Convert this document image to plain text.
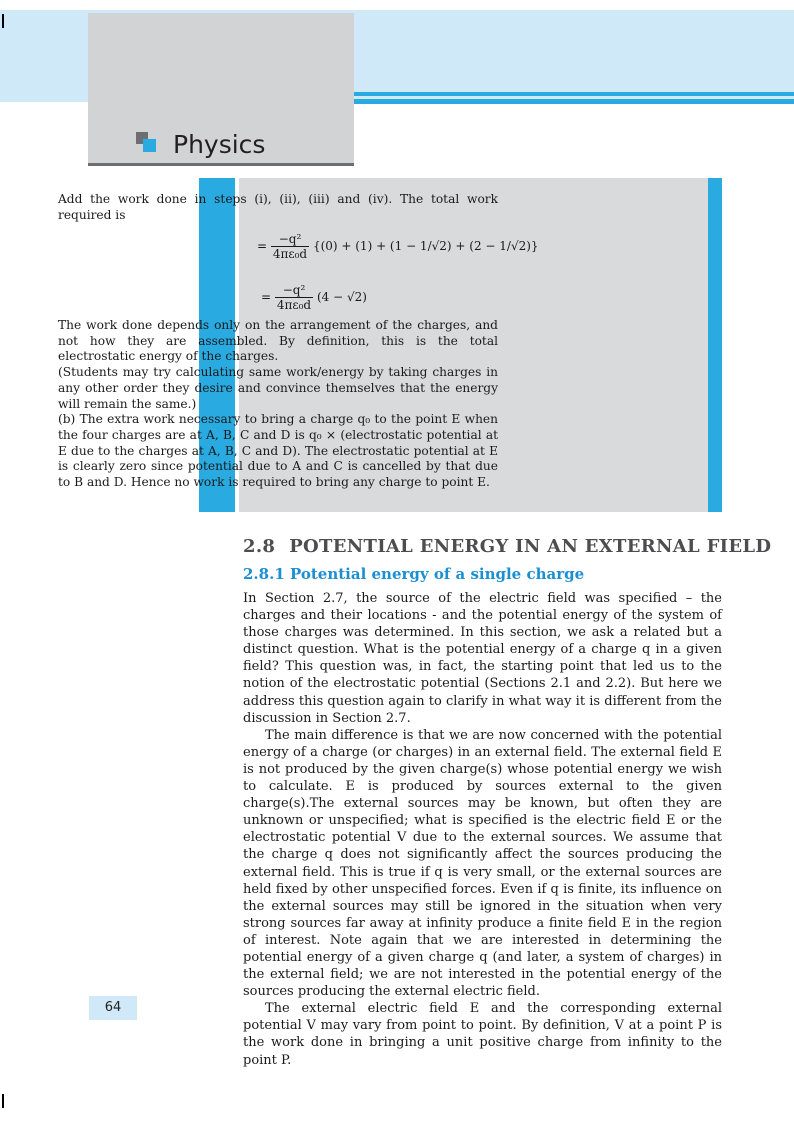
Physics
EXAMPLE 2.4
Add the work done in steps (i), (ii), (iii) and (iv). The total work required is
= $\frac{\text{−q²}}{\text{4πε₀d}} \{(0) + (1) + (1 - 1/√2) + (2 - 1/√2)\}$
= $\frac{\text{−q²}}{\text{4πε₀d}} (4 - √2)$
The work done depends only on the arrangement of the charges, and not how they are assembled. By definition, this is the total electrostatic energy of the charges.
(Students may try calculating same work/energy by taking charges in any other order they desire and convince themselves that the energy will remain the same.)
(b) The extra work necessary to bring a charge q₀ to the point E when the four charges are at A, B, C and D is q₀ × (electrostatic potential at E due to the charges at A, B, C and D). The electrostatic potential at E is clearly zero since potential due to A and C is cancelled by that due to B and D. Hence no work is required to bring any charge to point E.
2.8 POTENTIAL ENERGY IN AN EXTERNAL FIELD
2.8.1 Potential energy of a single charge

In Section 2.7, the source of the electric field was specified – the charges and their locations - and the potential energy of the system of those charges was determined. In this section, we ask a related but a distinct question. What is the potential energy of a charge q in a given field? This question was, in fact, the starting point that led us to the notion of the electrostatic potential (Sections 2.1 and 2.2). But here we address this question again to clarify in what way it is different from the discussion in Section 2.7.

The main difference is that we are now concerned with the potential energy of a charge (or charges) in an external field. The external field E is not produced by the given charge(s) whose potential energy we wish to calculate. E is produced by sources external to the given charge(s).The external sources may be known, but often they are unknown or unspecified; what is specified is the electric field E or the electrostatic potential V due to the external sources. We assume that the charge q does not significantly affect the sources producing the external field. This is true if q is very small, or the external sources are held fixed by other unspecified forces. Even if q is finite, its influence on the external sources may still be ignored in the situation when very strong sources far away at infinity produce a finite field E in the region of interest. Note again that we are interested in determining the potential energy of a given charge q (and later, a system of charges) in the external field; we are not interested in the potential energy of the sources producing the external electric field.

The external electric field E and the corresponding external potential V may vary from point to point. By definition, V at a point P is the work done in bringing a unit positive charge from infinity to the point P.

64
